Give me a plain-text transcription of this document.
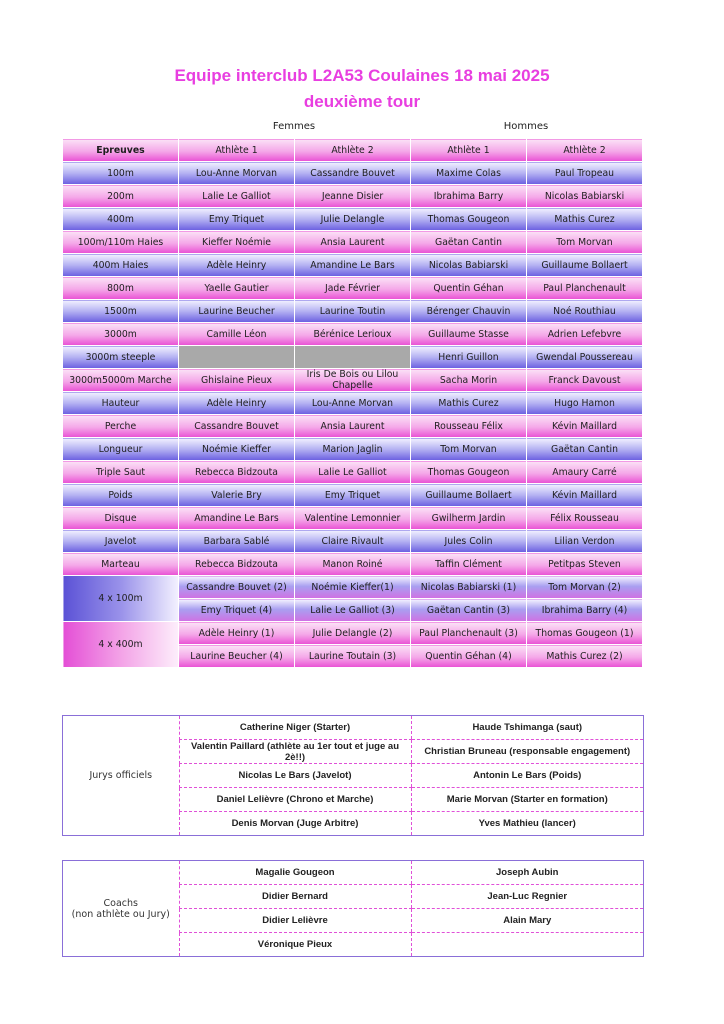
Equipe interclub L2A53 Coulaines 18 mai 2025
deuxième tour
Femmes	Hommes
Epreuves	Athlète 1	Athlète 2	Athlète 1	Athlète 2
100m	Lou-Anne Morvan	Cassandre Bouvet	Maxime Colas	Paul Tropeau
200m	Lalie Le Galliot	Jeanne Disier	Ibrahima Barry	Nicolas Babiarski
400m	Emy Triquet	Julie Delangle	Thomas Gougeon	Mathis Curez
100m/110m Haies	Kieffer Noémie	Ansia Laurent	Gaëtan Cantin	Tom Morvan
400m Haies	Adèle Heinry	Amandine Le Bars	Nicolas Babiarski	Guillaume Bollaert
800m	Yaelle Gautier	Jade Février	Quentin Géhan	Paul Planchenault
1500m	Laurine Beucher	Laurine Toutin	Bérenger Chauvin	Noé Routhiau
3000m	Camille Léon	Bérénice Lerioux	Guillaume Stasse	Adrien Lefebvre
3000m steeple			Henri Guillon	Gwendal Poussereau
3000m5000m Marche	Ghislaine Pieux	Iris De Bois ou Lilou Chapelle	Sacha Morin	Franck Davoust
Hauteur	Adèle Heinry	Lou-Anne Morvan	Mathis Curez	Hugo Hamon
Perche	Cassandre Bouvet	Ansia Laurent	Rousseau Félix	Kévin Maillard
Longueur	Noémie Kieffer	Marion Jaglin	Tom Morvan	Gaëtan Cantin
Triple Saut	Rebecca Bidzouta	Lalie Le Galliot	Thomas Gougeon	Amaury Carré
Poids	Valerie Bry	Emy Triquet	Guillaume Bollaert	Kévin Maillard
Disque	Amandine Le Bars	Valentine Lemonnier	Gwilherm Jardin	Félix Rousseau
Javelot	Barbara Sablé	Claire Rivault	Jules Colin	Lilian Verdon
Marteau	Rebecca Bidzouta	Manon Roiné	Taffin Clément	Petitpas Steven
4 x 100m	Cassandre Bouvet (2)	Noémie Kieffer(1)	Nicolas Babiarski (1)	Tom Morvan (2)
	Emy Triquet (4)	Lalie Le Galliot (3)	Gaëtan Cantin (3)	Ibrahima Barry (4)
4 x 400m	Adèle Heinry (1)	Julie Delangle (2)	Paul Planchenault (3)	Thomas Gougeon (1)
	Laurine Beucher (4)	Laurine Toutain (3)	Quentin Géhan (4)	Mathis Curez (2)
Jurys officiels	Catherine Niger (Starter)	Haude Tshimanga (saut)
	Valentin Paillard (athlète au 1er tout et juge au 2è!!)	Christian Bruneau (responsable engagement)
	Nicolas Le Bars (Javelot)	Antonin Le Bars (Poids)
	Daniel Lelièvre (Chrono et Marche)	Marie Morvan (Starter en formation)
	Denis Morvan (Juge Arbitre)	Yves Mathieu (lancer)
Coachs
(non athlète ou Jury)	Magalie Gougeon	Joseph Aubin
	Didier Bernard	Jean-Luc Regnier
	Didier Lelièvre	Alain Mary
	Véronique Pieux	
